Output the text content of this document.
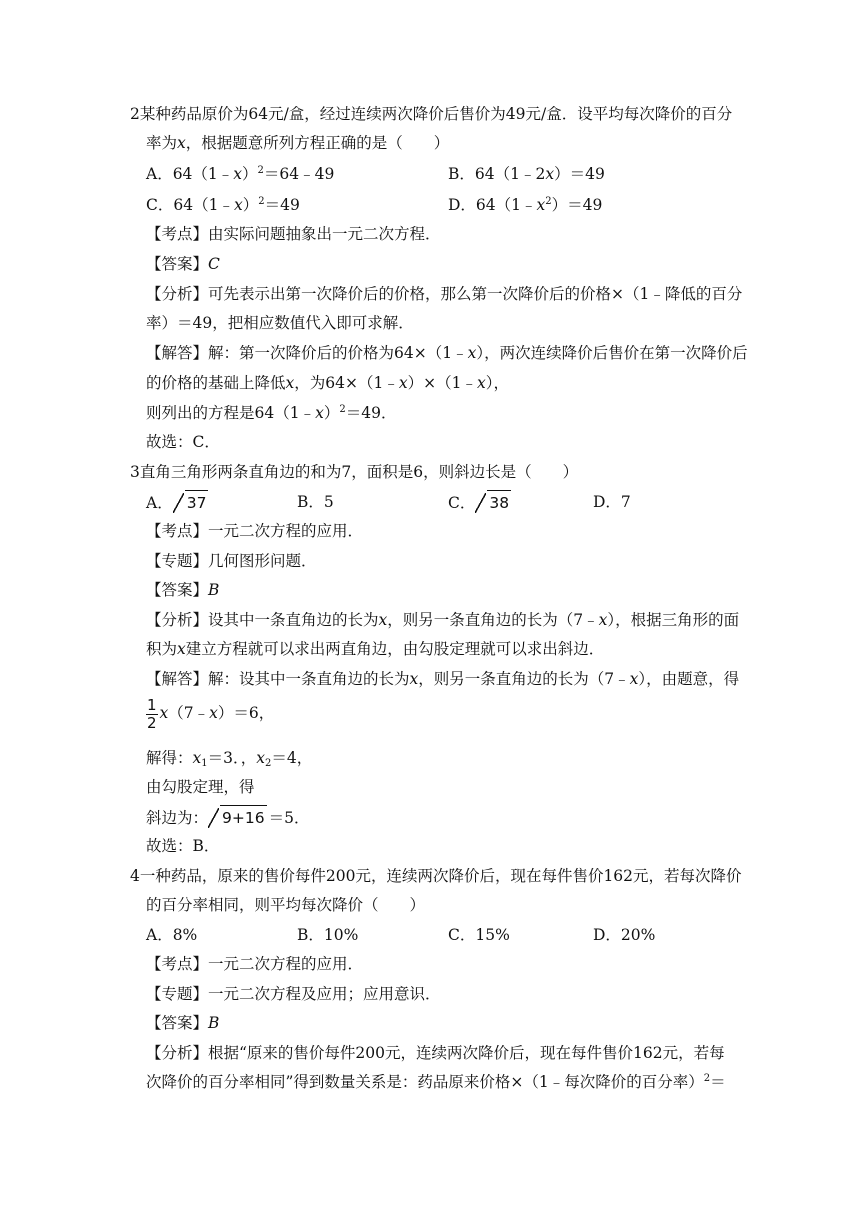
2某种药品原价为64元/盒，经过连续两次降价后售价为49元/盒．设平均每次降价的百分
率为x，根据题意所列方程正确的是（　　）
A．64（1﹣x）$^2$＝64﹣49	B．64（1﹣2x）＝49
C．64（1﹣x）$^2$＝49	D．$64(1﹣x^2)=49$
【考点】由实际问题抽象出一元二次方程．
【答案】C
【分析】可先表示出第一次降价后的价格，那么第一次降价后的价格×（1﹣降低的百分
率）＝49，把相应数值代入即可求解．
【解答】解：第一次降价后的价格为64×（1﹣x），两次连续降价后售价在第一次降价后
的价格的基础上降低x，为64×（1﹣x）×（1﹣x），
则列出的方程是64（1﹣x）$^2$＝49．
故选：C．
3直角三角形两条直角边的和为7，面积是6，则斜边长是（　　）
A． 37	B．5	C． 38	D．7
【考点】一元二次方程的应用．
【专题】几何图形问题．
【答案】B
【分析】设其中一条直角边的长为x，则另一条直角边的长为（7﹣x），根据三角形的面
积为x建立方程就可以求出两直角边，由勾股定理就可以求出斜边．
【解答】解：设其中一条直角边的长为x，则另一条直角边的长为（7﹣x），由题意，得
$\frac{1}{2}$ x（7﹣x）＝6，
解得：$x_1=3$．，$x_2=4$，
由勾股定理，得
斜边为： 9+16 ＝5．
故选：B．
4一种药品，原来的售价每件200元，连续两次降价后，现在每件售价162元，若每次降价
的百分率相同，则平均每次降价（　　）
A．8%	B．10%	C．15%	D．20%
【考点】一元二次方程的应用．
【专题】一元二次方程及应用；应用意识．
【答案】B
【分析】根据“原来的售价每件200元，连续两次降价后，现在每件售价162元，若每
次降价的百分率相同”得到数量关系是：药品原来价格×（1﹣每次降价的百分率）$^2$＝
